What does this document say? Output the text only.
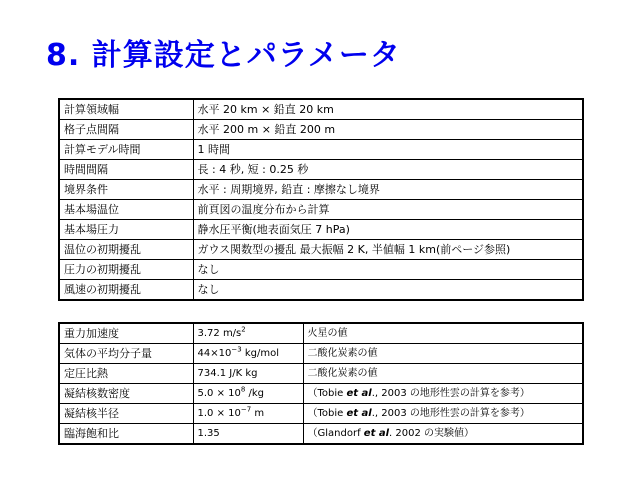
8. 計算設定とパラメータ
計算領域幅	水平 20 km × 鉛直 20 km
格子点間隔	水平 200 m × 鉛直 200 m
計算モデル時間	1 時間
時間間隔	長 : 4 秒, 短 : 0.25 秒
境界条件	水平 : 周期境界, 鉛直 : 摩擦なし境界
基本場温位	前頁図の温度分布から計算
基本場圧力	静水圧平衡(地表面気圧 7 hPa)
温位の初期擾乱	ガウス関数型の擾乱 最大振幅 2 K, 半値幅 1 km(前ページ参照)
圧力の初期擾乱	なし
風速の初期擾乱	なし
重力加速度	3.72 $m/s^2$	火星の値
気体の平均分子量	$44\times 10^{-3}$ kg/mol	二酸化炭素の値
定圧比熱	734.1 J/K kg	二酸化炭素の値
凝結核数密度	$5.0 \times 10^8$ /kg	（Tobie et al., 2003 の地形性雲の計算を参考）
凝結核半径	$1.0 \times 10^{-7}$ m	（Tobie et al., 2003 の地形性雲の計算を参考）
臨海飽和比	1.35	（Glandorf et al. 2002 の実験値）
